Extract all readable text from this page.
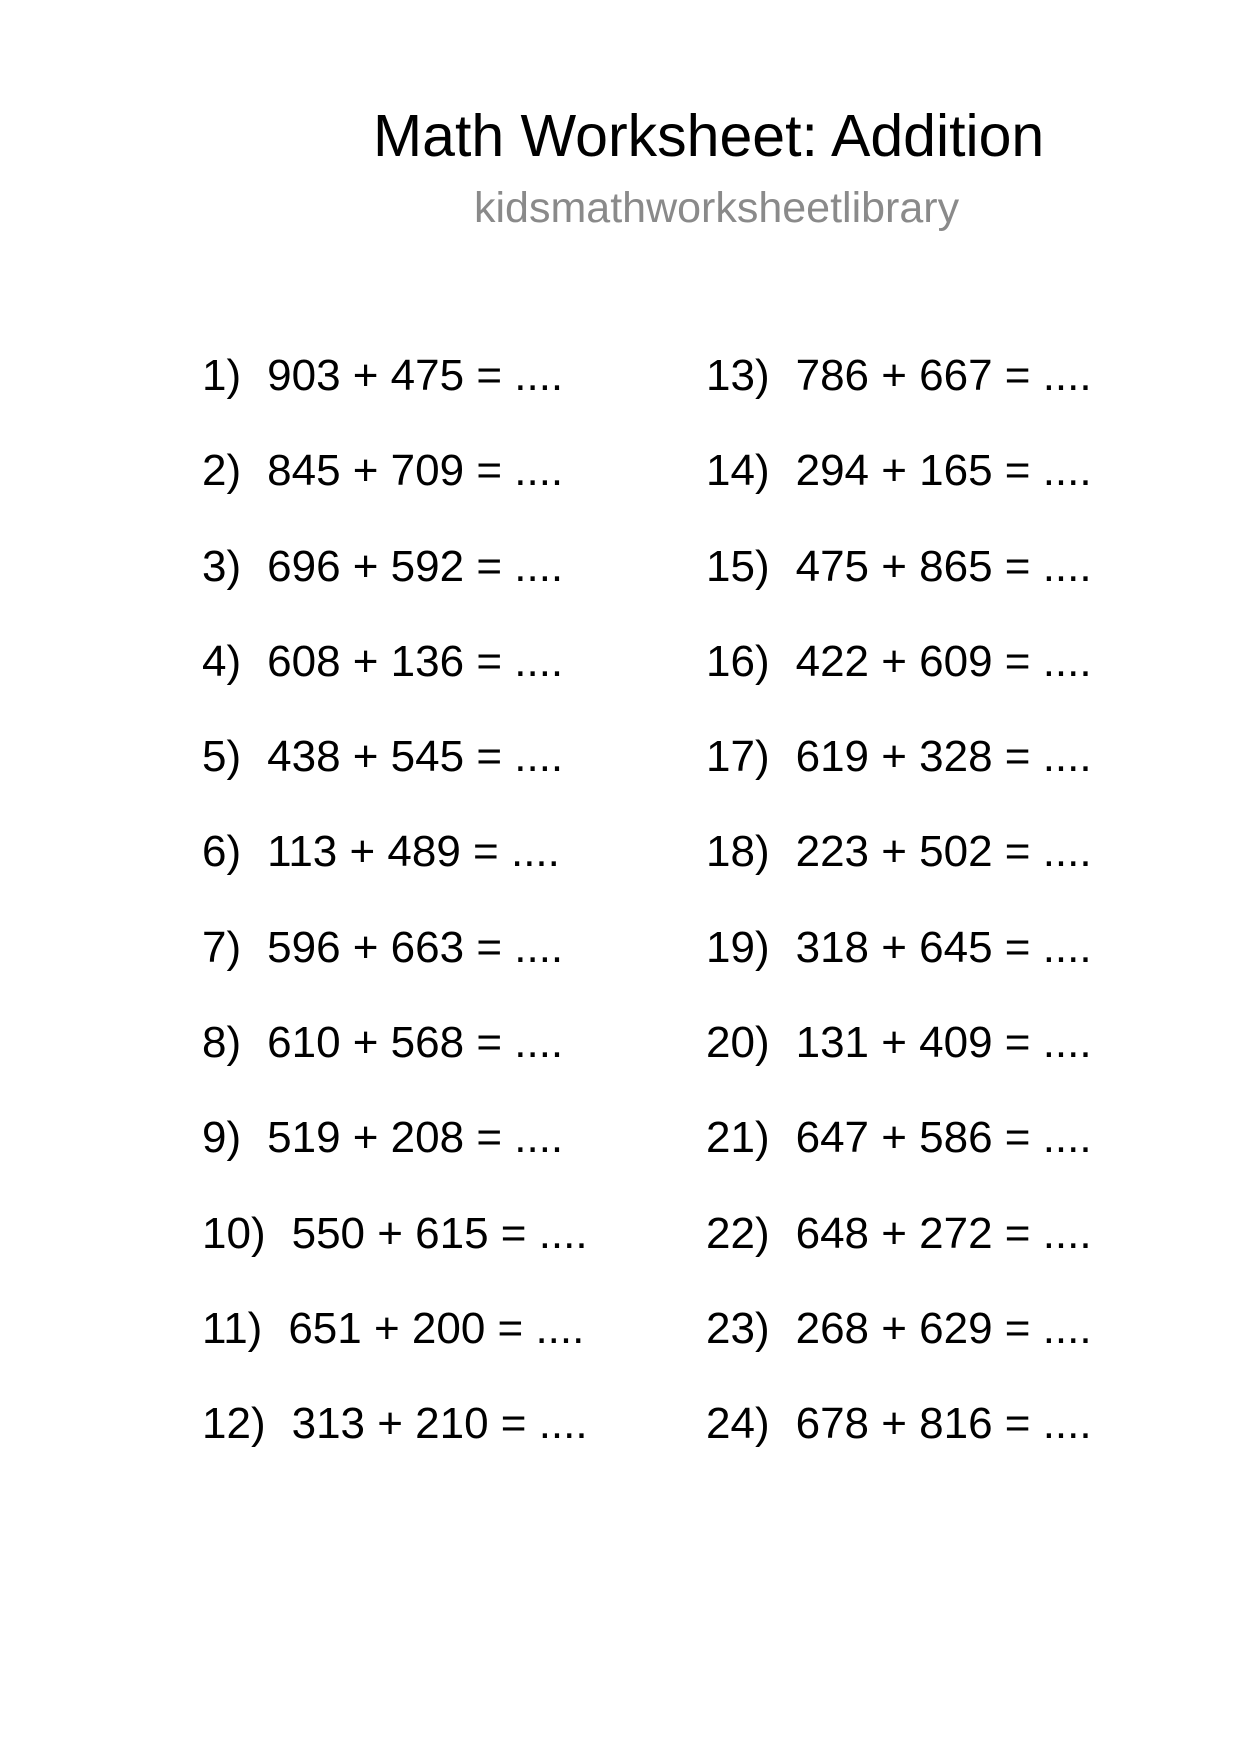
Math Worksheet: Addition
kidsmathworksheetlibrary
1) 903 + 475 = ....
2) 845 + 709 = ....
3) 696 + 592 = ....
4) 608 + 136 = ....
5) 438 + 545 = ....
6) 113 + 489 = ....
7) 596 + 663 = ....
8) 610 + 568 = ....
9) 519 + 208 = ....
10) 550 + 615 = ....
11) 651 + 200 = ....
12) 313 + 210 = ....
13) 786 + 667 = ....
14) 294 + 165 = ....
15) 475 + 865 = ....
16) 422 + 609 = ....
17) 619 + 328 = ....
18) 223 + 502 = ....
19) 318 + 645 = ....
20) 131 + 409 = ....
21) 647 + 586 = ....
22) 648 + 272 = ....
23) 268 + 629 = ....
24) 678 + 816 = ....
